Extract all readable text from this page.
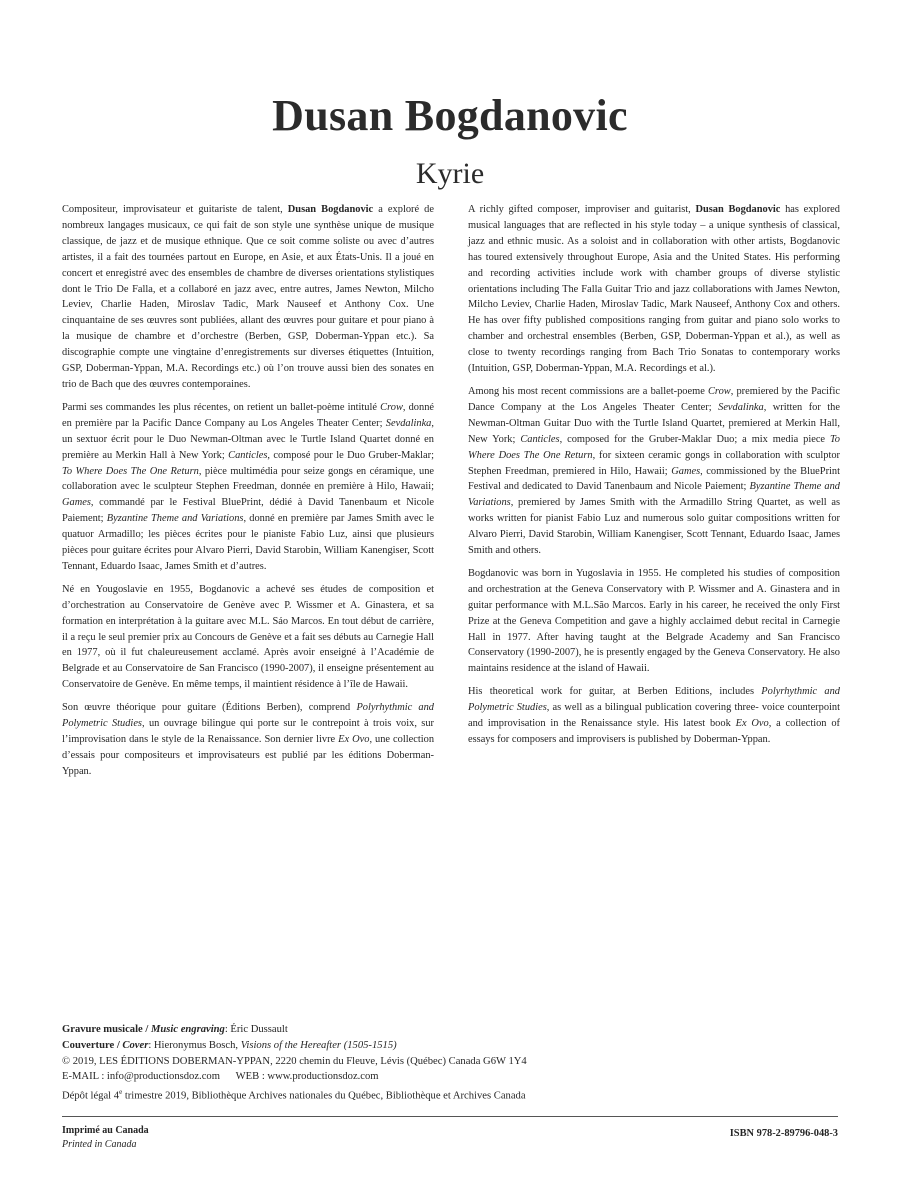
Dusan Bogdanovic
Kyrie

Compositeur, improvisateur et guitariste de talent, Dusan Bogdanovic a exploré de nombreux langages musicaux, ce qui fait de son style une synthèse unique de musique classique, de jazz et de musique ethnique. Que ce soit comme soliste ou avec d’autres artistes, il a fait des tournées partout en Europe, en Asie, et aux États-Unis. Il a joué en concert et enregistré avec des ensembles de chambre de diverses orientations stylistiques dont le Trio De Falla, et a collaboré en jazz avec, entre autres, James Newton, Milcho Leviev, Charlie Haden, Miroslav Tadic, Mark Nauseef et Anthony Cox. Une cinquantaine de ses œuvres sont publiées, allant des œuvres pour guitare et pour piano à la musique de chambre et d’orchestre (Berben, GSP, Doberman-Yppan etc.). Sa discographie compte une vingtaine d’enregistrements sur diverses étiquettes (Intuition, GSP, Doberman-Yppan, M.A. Recordings etc.) où l’on trouve aussi bien des sonates en trio de Bach que des œuvres contemporaines.

Parmi ses commandes les plus récentes, on retient un ballet-poème intitulé Crow, donné en première par la Pacific Dance Company au Los Angeles Theater Center; Sevdalinka, un sextuor écrit pour le Duo Newman-Oltman avec le Turtle Island Quartet donné en première au Merkin Hall à New York; Canticles, composé pour le Duo Gruber-Maklar; To Where Does The One Return, pièce multimédia pour seize gongs en céramique, une collaboration avec le sculpteur Stephen Freedman, donnée en première à Hilo, Hawaii; Games, commandé par le Festival BluePrint, dédié à David Tanenbaum et Nicole Paiement; Byzantine Theme and Variations, donné en première par James Smith avec le quatuor Armadillo; les pièces écrites pour le pianiste Fabio Luz, ainsi que plusieurs pièces pour guitare écrites pour Alvaro Pierri, David Starobin, William Kanengiser, Scott Tennant, Eduardo Isaac, James Smith et d’autres.

Né en Yougoslavie en 1955, Bogdanovic a achevé ses études de composition et d’orchestration au Conservatoire de Genève avec P. Wissmer et A. Ginastera, et sa formation en interprétation à la guitare avec M.L. Sáo Marcos. En tout début de carrière, il a reçu le seul premier prix au Concours de Genève et a fait ses débuts au Carnegie Hall en 1977, où il fut chaleureusement acclamé. Après avoir enseigné à l’Académie de Belgrade et au Conservatoire de San Francisco (1990-2007), il enseigne présentement au Conservatoire de Genève. En même temps, il maintient résidence à l’île de Hawaii.

Son œuvre théorique pour guitare (Éditions Berben), comprend Polyrhythmic and Polymetric Studies, un ouvrage bilingue qui porte sur le contrepoint à trois voix, sur l’improvisation dans le style de la Renaissance. Son dernier livre Ex Ovo, une collection d’essais pour compositeurs et improvisateurs est publié par les éditions Doberman-Yppan.

A richly gifted composer, improviser and guitarist, Dusan Bogdanovic has explored musical languages that are reflected in his style today – a unique synthesis of classical, jazz and ethnic music. As a soloist and in collaboration with other artists, Bogdanovic has toured extensively throughout Europe, Asia and the United States. His performing and recording activities include work with chamber groups of diverse stylistic orientations including The Falla Guitar Trio and jazz collaborations with James Newton, Milcho Leviev, Charlie Haden, Miroslav Tadic, Mark Nauseef, Anthony Cox and others. He has over fifty published compositions ranging from guitar and piano solo works to chamber and orchestral ensembles (Berben, GSP, Doberman-Yppan et al.), as well as close to twenty recordings ranging from Bach Trio Sonatas to contemporary works (Intuition, GSP, Doberman-Yppan, M.A. Recordings et al.).

Among his most recent commissions are a ballet-poeme Crow, premiered by the Pacific Dance Company at the Los Angeles Theater Center; Sevdalinka, written for the Newman-Oltman Guitar Duo with the Turtle Island Quartet, premiered at Merkin Hall, New York; Canticles, composed for the Gruber-Maklar Duo; a mix media piece To Where Does The One Return, for sixteen ceramic gongs in collaboration with sculptor Stephen Freedman, premiered in Hilo, Hawaii; Games, commissioned by the BluePrint Festival and dedicated to David Tanenbaum and Nicole Paiement; Byzantine Theme and Variations, premiered by James Smith with the Armadillo String Quartet, as well as works written for pianist Fabio Luz and numerous solo guitar compositions written for Alvaro Pierri, David Starobin, William Kanengiser, Scott Tennant, Eduardo Isaac, James Smith and others.

Bogdanovic was born in Yugoslavia in 1955. He completed his studies of composition and orchestration at the Geneva Conservatory with P. Wissmer and A. Ginastera and in guitar performance with M.L.São Marcos. Early in his career, he received the only First Prize at the Geneva Competition and gave a highly acclaimed debut recital in Carnegie Hall in 1977. After having taught at the Belgrade Academy and San Francisco Conservatory (1990-2007), he is presently engaged by the Geneva Conservatory. He also maintains residence at the island of Hawaii.

His theoretical work for guitar, at Berben Editions, includes Polyrhythmic and Polymetric Studies, as well as a bilingual publication covering three- voice counterpoint and improvisation in the Renaissance style. His latest book Ex Ovo, a collection of essays for composers and improvisers is published by Doberman-Yppan.

Gravure musicale / Music engraving: Éric Dussault
Couverture / Cover: Hieronymus Bosch, Visions of the Hereafter (1505-1515)
© 2019, LES ÉDITIONS DOBERMAN-YPPAN, 2220 chemin du Fleuve, Lévis (Québec) Canada G6W 1Y4
E-MAIL : info@productionsdoz.com      WEB : www.productionsdoz.com
Dépôt légal 4e trimestre 2019, Bibliothèque Archives nationales du Québec, Bibliothèque et Archives Canada
Imprimé au Canada
Printed in Canada
ISBN 978-2-89796-048-3
